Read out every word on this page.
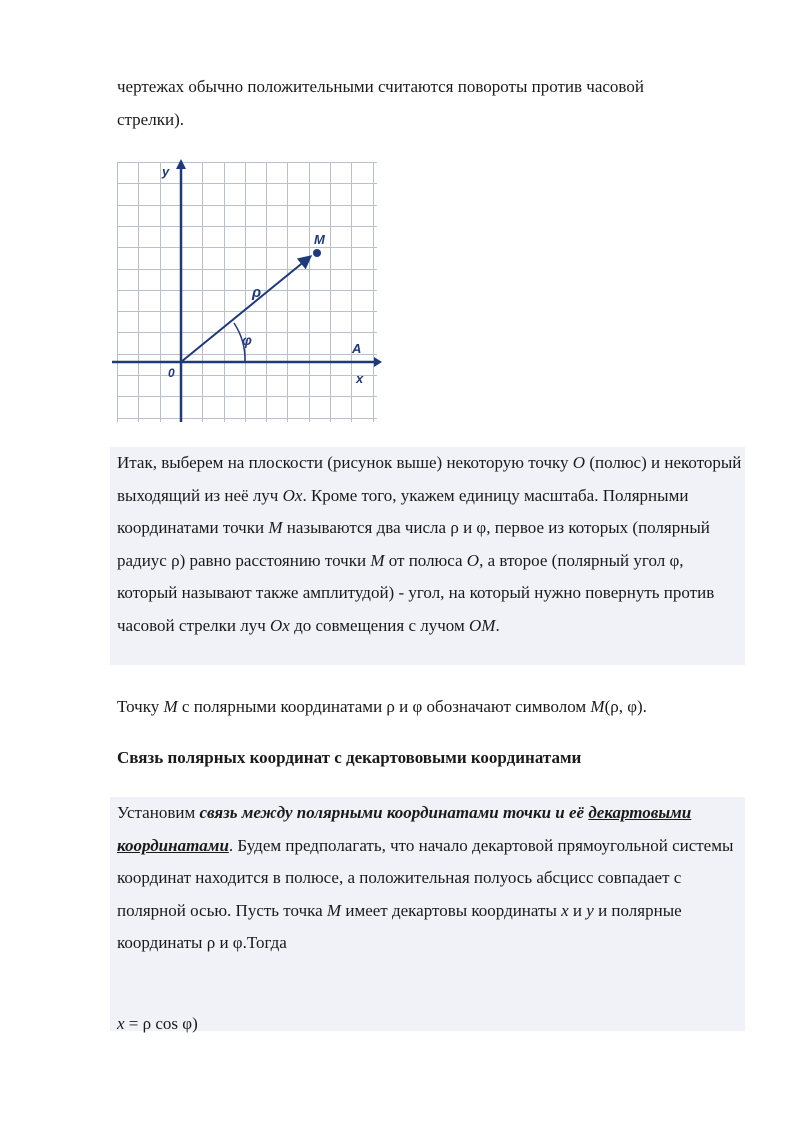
чертежах обычно положительными считаются повороты против часовой
стрелки).

y
x
0
M
ρ
φ
A

Итак, выберем на плоскости (рисунок выше) некоторую точку O (полюс) и некоторый выходящий из неё луч Ox. Кроме того, укажем единицу масштаба. Полярными координатами точки M называются два числа ρ и φ, первое из которых (полярный радиус ρ) равно расстоянию точки M от полюса O, а второе (полярный угол φ, который называют также амплитудой) - угол, на который нужно повернуть против часовой стрелки луч Ox до совмещения с лучом OM.

Точку M с полярными координатами ρ и φ обозначают символом M(ρ, φ).

Связь полярных координат с декартововыми координатами

Установим связь между полярными координатами точки и её декартовыми координатами. Будем предполагать, что начало декартовой прямоугольной системы координат находится в полюсе, а положительная полуось абсцисс совпадает с полярной осью. Пусть точка M имеет декартовы координаты x и y и полярные координаты ρ и φ.Тогда

x = ρ cos φ)
